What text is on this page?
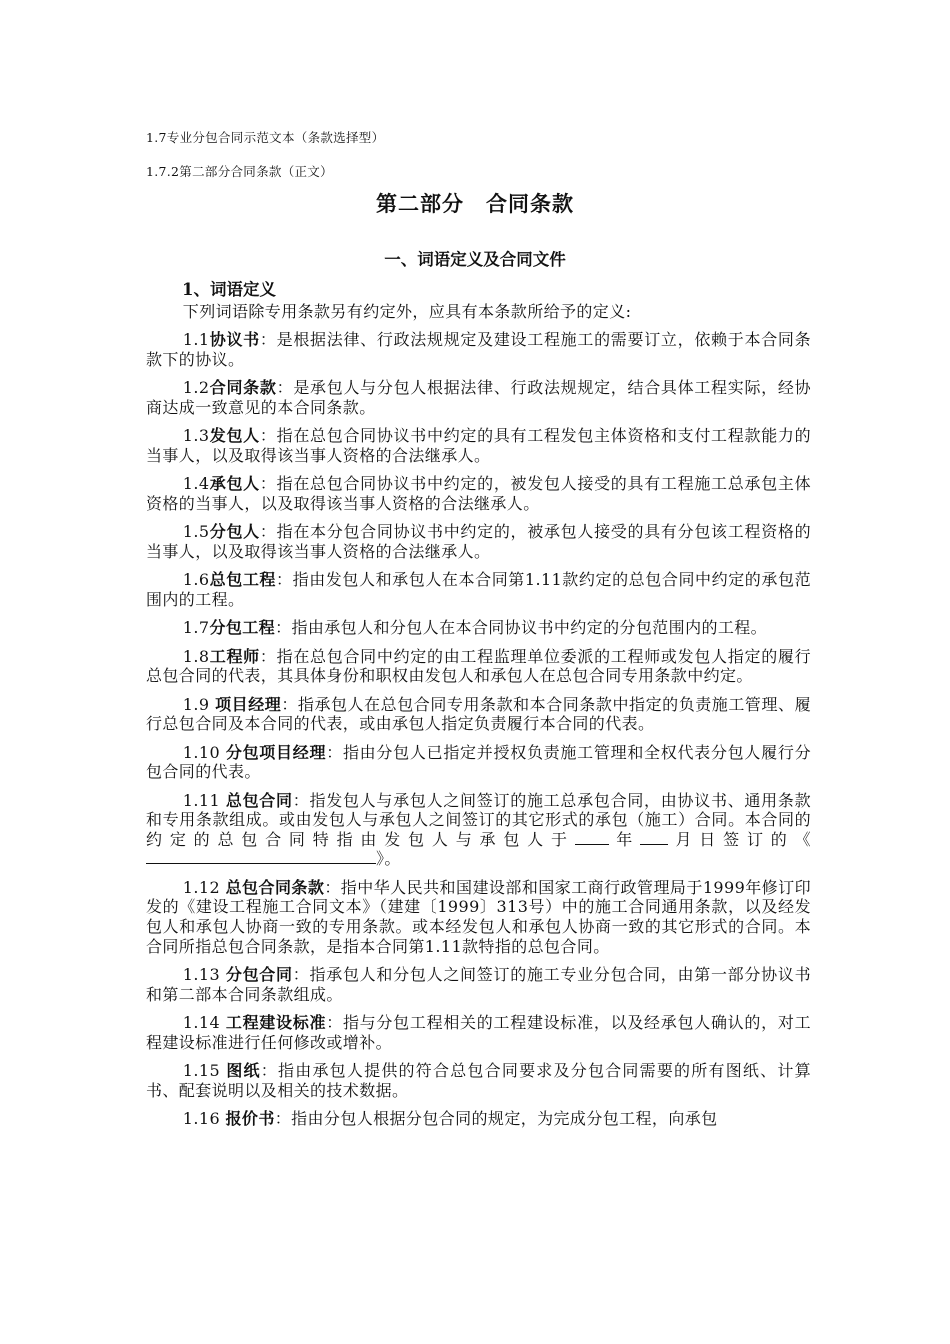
1.7专业分包合同示范文本（条款选择型）
1.7.2第二部分合同条款（正文）
第二部分　合同条款
一、词语定义及合同文件
1、词语定义

下列词语除专用条款另有约定外，应具有本条款所给予的定义:

1.1协议书：是根据法律、行政法规规定及建设工程施工的需要订立，依赖于本合同条款下的协议。

1.2合同条款：是承包人与分包人根据法律、行政法规规定，结合具体工程实际，经协商达成一致意见的本合同条款。

1.3发包人：指在总包合同协议书中约定的具有工程发包主体资格和支付工程款能力的当事人，以及取得该当事人资格的合法继承人。

1.4承包人：指在总包合同协议书中约定的，被发包人接受的具有工程施工总承包主体资格的当事人，以及取得该当事人资格的合法继承人。

1.5分包人：指在本分包合同协议书中约定的，被承包人接受的具有分包该工程资格的当事人，以及取得该当事人资格的合法继承人。

1.6总包工程：指由发包人和承包人在本合同第1.11款约定的总包合同中约定的承包范围内的工程。

1.7分包工程：指由承包人和分包人在本合同协议书中约定的分包范围内的工程。

1.8工程师：指在总包合同中约定的由工程监理单位委派的工程师或发包人指定的履行总包合同的代表，其具体身份和职权由发包人和承包人在总包合同专用条款中约定。

1.9 项目经理：指承包人在总包合同专用条款和本合同条款中指定的负责施工管理、履行总包合同及本合同的代表，或由承包人指定负责履行本合同的代表。

1.10 分包项目经理：指由分包人已指定并授权负责施工管理和全权代表分包人履行分包合同的代表。

1.11 总包合同：指发包人与承包人之间签订的施工总承包合同，由协议书、通用条款和专用条款组成。或由发包人与承包人之间签订的其它形式的承包（施工）合同。本合同的约定的总包合同特指由发包人与承包人于 年 月日签订的《》。

1.12 总包合同条款：指中华人民共和国建设部和国家工商行政管理局于1999年修订印发的《建设工程施工合同文本》（建建〔1999〕313号）中的施工合同通用条款，以及经发包人和承包人协商一致的专用条款。或本经发包人和承包人协商一致的其它形式的合同。本合同所指总包合同条款，是指本合同第1.11款特指的总包合同。

1.13 分包合同：指承包人和分包人之间签订的施工专业分包合同，由第一部分协议书和第二部本合同条款组成。

1.14 工程建设标准：指与分包工程相关的工程建设标准，以及经承包人确认的，对工程建设标准进行任何修改或增补。

1.15 图纸：指由承包人提供的符合总包合同要求及分包合同需要的所有图纸、计算书、配套说明以及相关的技术数据。

1.16 报价书：指由分包人根据分包合同的规定，为完成分包工程，向承包
